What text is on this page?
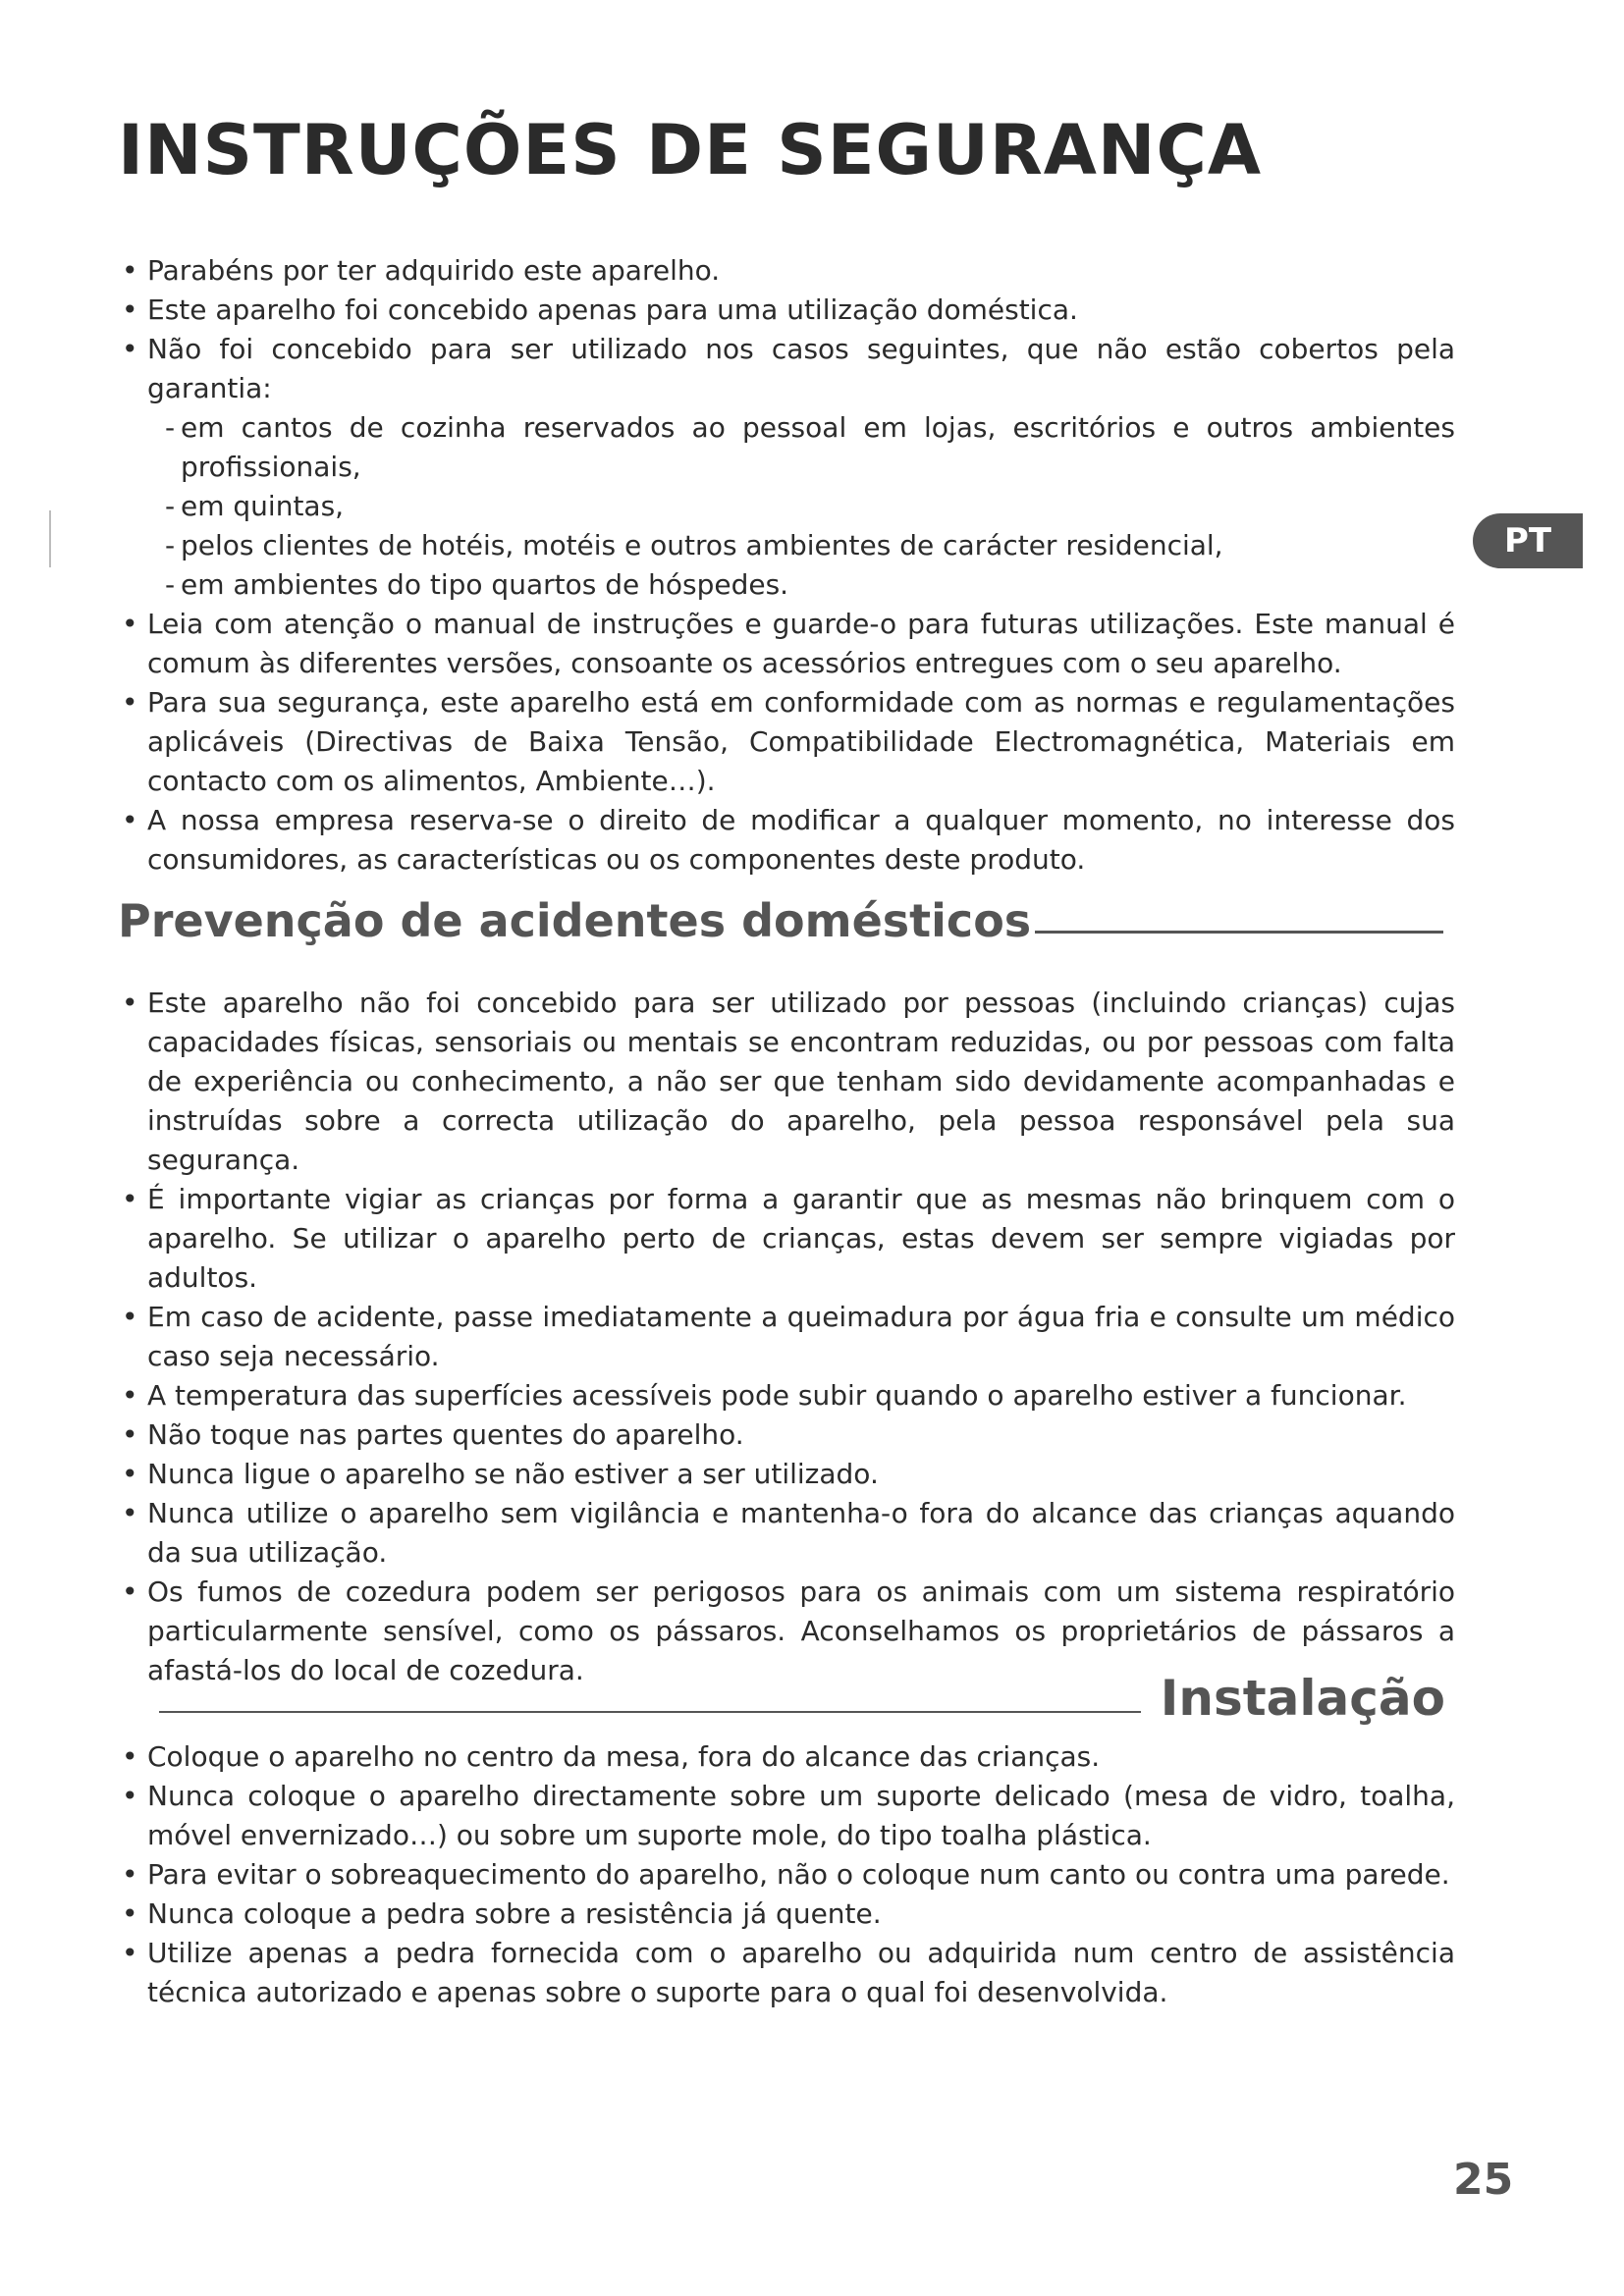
INSTRUÇÕES DE SEGURANÇA
PT
• Parabéns por ter adquirido este aparelho.
• Este aparelho foi concebido apenas para uma utilização doméstica.
• Não foi concebido para ser utilizado nos casos seguintes, que não estão cobertos pela garantia:
- em cantos de cozinha reservados ao pessoal em lojas, escritórios e outros ambientes profissionais,
- em quintas,
- pelos clientes de hotéis, motéis e outros ambientes de carácter residencial,
- em ambientes do tipo quartos de hóspedes.
• Leia com atenção o manual de instruções e guarde-o para futuras utilizações. Este manual é comum às diferentes versões, consoante os acessórios entregues com o seu aparelho.
• Para sua segurança, este aparelho está em conformidade com as normas e regulamentações aplicáveis (Directivas de Baixa Tensão, Compatibilidade Electromagnética, Materiais em contacto com os alimentos, Ambiente…).
• A nossa empresa reserva-se o direito de modificar a qualquer momento, no interesse dos consumidores, as características ou os componentes deste produto.
Prevenção de acidentes domésticos
• Este aparelho não foi concebido para ser utilizado por pessoas (incluindo crianças) cujas capacidades físicas, sensoriais ou mentais se encontram reduzidas, ou por pessoas com falta de experiência ou conhecimento, a não ser que tenham sido devidamente acompanhadas e instruídas sobre a correcta utilização do aparelho, pela pessoa responsável pela sua segurança.
• É importante vigiar as crianças por forma a garantir que as mesmas não brinquem com o aparelho. Se utilizar o aparelho perto de crianças, estas devem ser sempre vigiadas por adultos.
• Em caso de acidente, passe imediatamente a queimadura por água fria e consulte um médico caso seja necessário.
• A temperatura das superfícies acessíveis pode subir quando o aparelho estiver a funcionar.
• Não toque nas partes quentes do aparelho.
• Nunca ligue o aparelho se não estiver a ser utilizado.
• Nunca utilize o aparelho sem vigilância e mantenha-o fora do alcance das crianças aquando da sua utilização.
• Os fumos de cozedura podem ser perigosos para os animais com um sistema respiratório particularmente sensível, como os pássaros. Aconselhamos os proprietários de pássaros a afastá-los do local de cozedura.	Instalação
• Coloque o aparelho no centro da mesa, fora do alcance das crianças.
• Nunca coloque o aparelho directamente sobre um suporte delicado (mesa de vidro, toalha, móvel envernizado…) ou sobre um suporte mole, do tipo toalha plástica.
• Para evitar o sobreaquecimento do aparelho, não o coloque num canto ou contra uma parede.
• Nunca coloque a pedra sobre a resistência já quente.
• Utilize apenas a pedra fornecida com o aparelho ou adquirida num centro de assistência técnica autorizado e apenas sobre o suporte para o qual foi desenvolvida.
25
